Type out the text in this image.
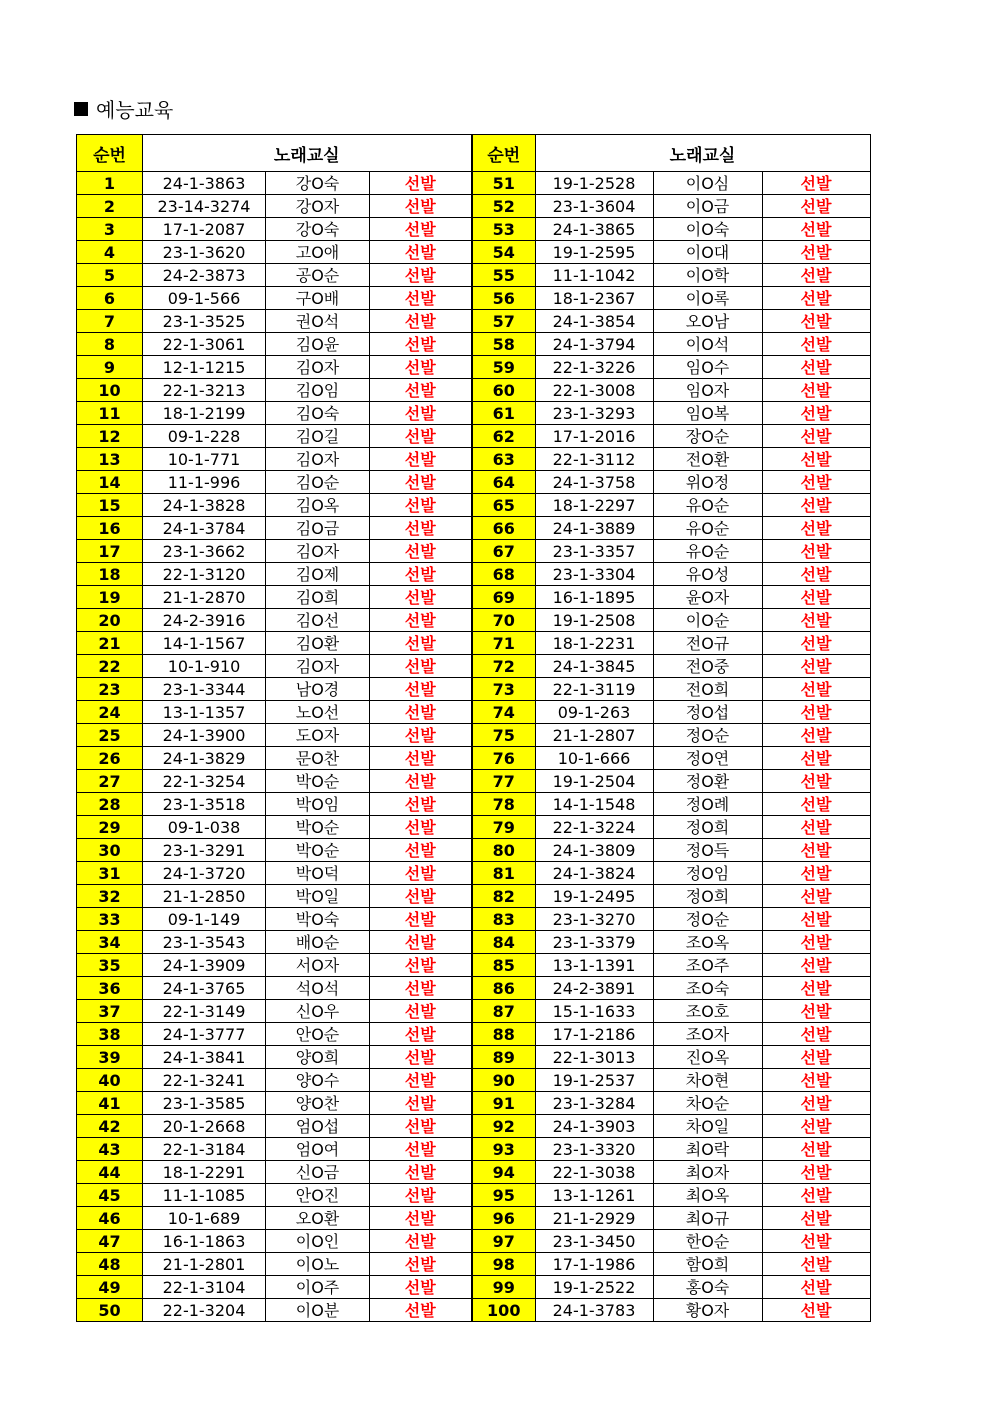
예능교육
순번	노래교실		
1	24-1-3863	강O숙	선발
2	23-14-3274	강O자	선발
3	17-1-2087	강O숙	선발
4	23-1-3620	고O애	선발
5	24-2-3873	공O순	선발
6	09-1-566	구O배	선발
7	23-1-3525	권O석	선발
8	22-1-3061	김O윤	선발
9	12-1-1215	김O자	선발
10	22-1-3213	김O임	선발
11	18-1-2199	김O숙	선발
12	09-1-228	김O길	선발
13	10-1-771	김O자	선발
14	11-1-996	김O순	선발
15	24-1-3828	김O옥	선발
16	24-1-3784	김O금	선발
17	23-1-3662	김O자	선발
18	22-1-3120	김O제	선발
19	21-1-2870	김O희	선발
20	24-2-3916	김O선	선발
21	14-1-1567	김O환	선발
22	10-1-910	김O자	선발
23	23-1-3344	남O경	선발
24	13-1-1357	노O선	선발
25	24-1-3900	도O자	선발
26	24-1-3829	문O찬	선발
27	22-1-3254	박O순	선발
28	23-1-3518	박O임	선발
29	09-1-038	박O순	선발
30	23-1-3291	박O순	선발
31	24-1-3720	박O덕	선발
32	21-1-2850	박O일	선발
33	09-1-149	박O숙	선발
34	23-1-3543	배O순	선발
35	24-1-3909	서O자	선발
36	24-1-3765	석O석	선발
37	22-1-3149	신O우	선발
38	24-1-3777	안O순	선발
39	24-1-3841	양O희	선발
40	22-1-3241	양O수	선발
41	23-1-3585	양O찬	선발
42	20-1-2668	엄O섭	선발
43	22-1-3184	엄O여	선발
44	18-1-2291	신O금	선발
45	11-1-1085	안O진	선발
46	10-1-689	오O환	선발
47	16-1-1863	이O인	선발
48	21-1-2801	이O노	선발
49	22-1-3104	이O주	선발
50	22-1-3204	이O분	선발
순번	노래교실		
51	19-1-2528	이O심	선발
52	23-1-3604	이O금	선발
53	24-1-3865	이O숙	선발
54	19-1-2595	이O대	선발
55	11-1-1042	이O학	선발
56	18-1-2367	이O록	선발
57	24-1-3854	오O남	선발
58	24-1-3794	이O석	선발
59	22-1-3226	임O수	선발
60	22-1-3008	임O자	선발
61	23-1-3293	임O복	선발
62	17-1-2016	장O순	선발
63	22-1-3112	전O환	선발
64	24-1-3758	위O정	선발
65	18-1-2297	유O순	선발
66	24-1-3889	유O순	선발
67	23-1-3357	유O순	선발
68	23-1-3304	유O성	선발
69	16-1-1895	윤O자	선발
70	19-1-2508	이O순	선발
71	18-1-2231	전O규	선발
72	24-1-3845	전O중	선발
73	22-1-3119	전O희	선발
74	09-1-263	정O섭	선발
75	21-1-2807	정O순	선발
76	10-1-666	정O연	선발
77	19-1-2504	정O환	선발
78	14-1-1548	정O례	선발
79	22-1-3224	정O희	선발
80	24-1-3809	정O득	선발
81	24-1-3824	정O임	선발
82	19-1-2495	정O희	선발
83	23-1-3270	정O순	선발
84	23-1-3379	조O옥	선발
85	13-1-1391	조O주	선발
86	24-2-3891	조O숙	선발
87	15-1-1633	조O호	선발
88	17-1-2186	조O자	선발
89	22-1-3013	진O옥	선발
90	19-1-2537	차O현	선발
91	23-1-3284	차O순	선발
92	24-1-3903	차O일	선발
93	23-1-3320	최O락	선발
94	22-1-3038	최O자	선발
95	13-1-1261	최O옥	선발
96	21-1-2929	최O규	선발
97	23-1-3450	한O순	선발
98	17-1-1986	함O희	선발
99	19-1-2522	홍O숙	선발
100	24-1-3783	황O자	선발
